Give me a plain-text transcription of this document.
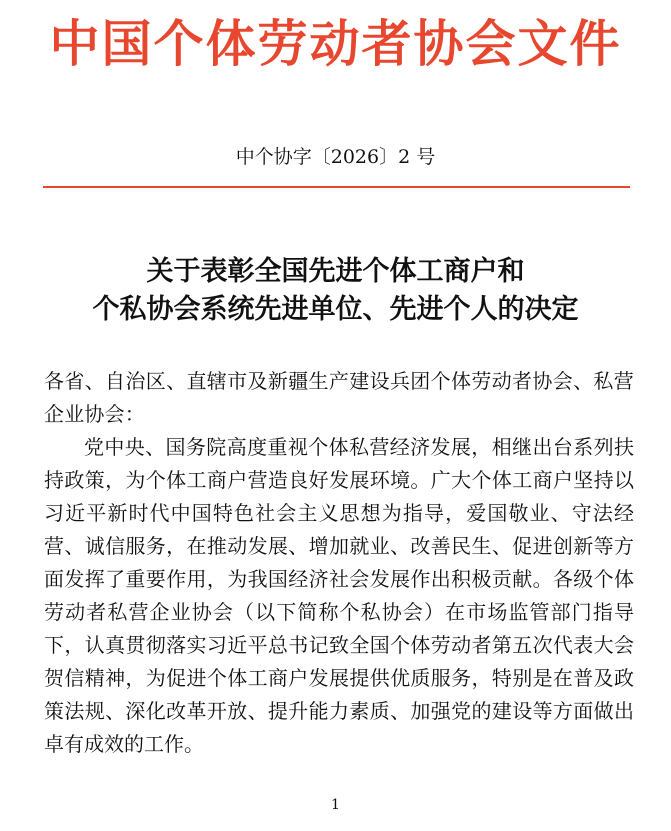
中国个体劳动者协会文件
中个协字〔2026〕2 号
关于表彰全国先进个体工商户和
个私协会系统先进单位、先进个人的决定

各省、自治区、直辖市及新疆生产建设兵团个体劳动者协会、私营企业协会：

党中央、国务院高度重视个体私营经济发展，相继出台系列扶持政策，为个体工商户营造良好发展环境。广大个体工商户坚持以习近平新时代中国特色社会主义思想为指导，爱国敬业、守法经营、诚信服务，在推动发展、增加就业、改善民生、促进创新等方面发挥了重要作用，为我国经济社会发展作出积极贡献。各级个体劳动者私营企业协会（以下简称个私协会）在市场监管部门指导下，认真贯彻落实习近平总书记致全国个体劳动者第五次代表大会贺信精神，为促进个体工商户发展提供优质服务，特别是在普及政策法规、深化改革开放、提升能力素质、加强党的建设等方面做出卓有成效的工作。

1
